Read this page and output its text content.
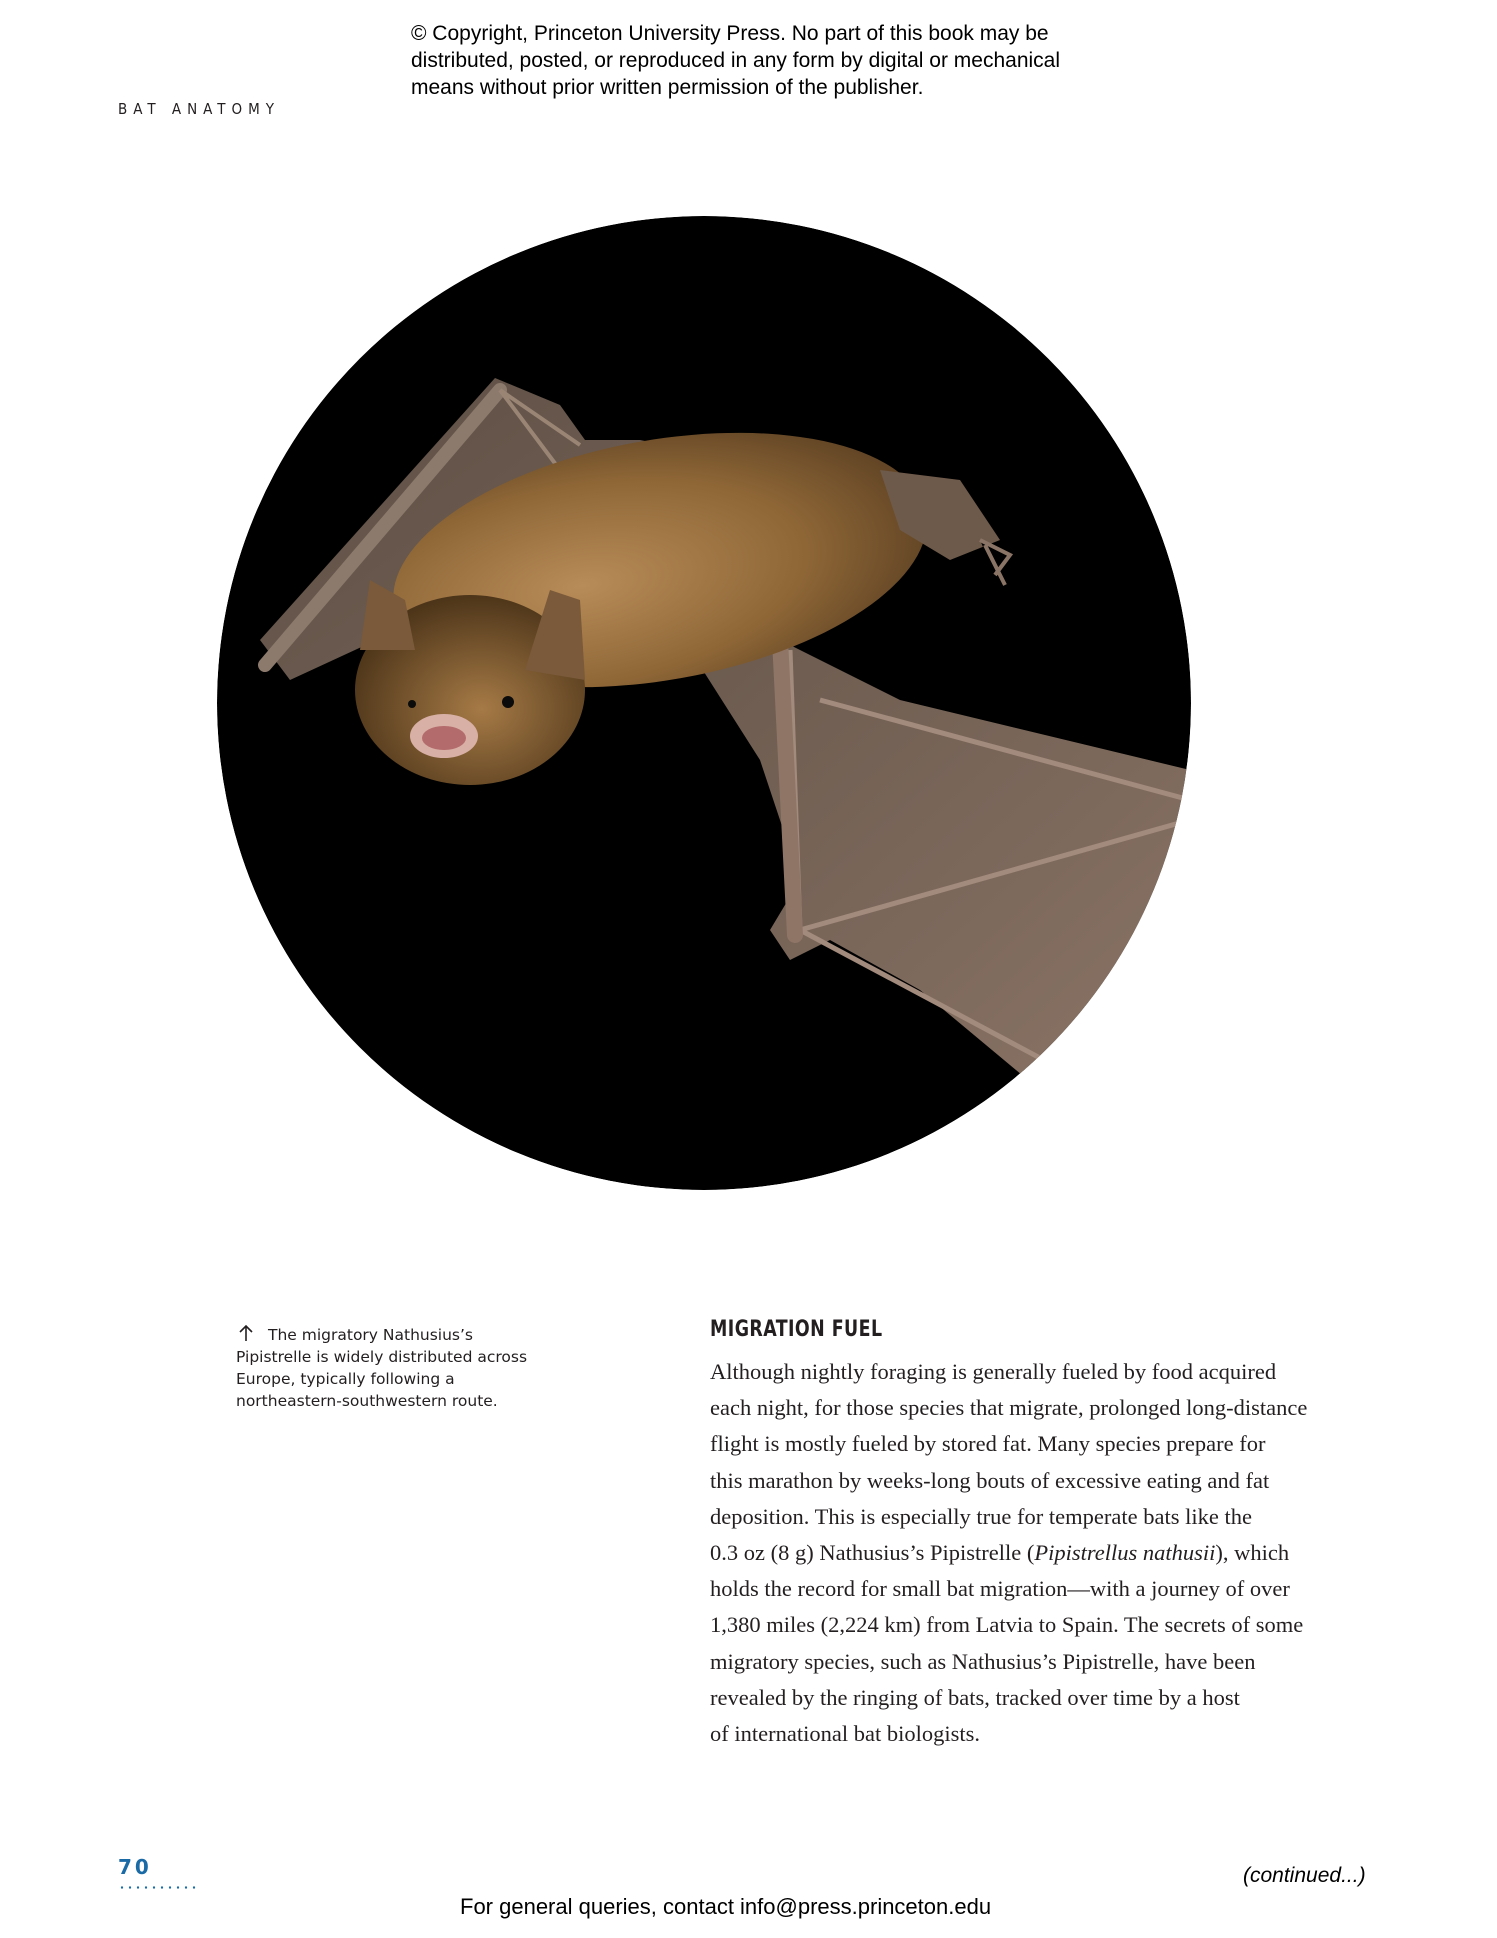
© Copyright, Princeton University Press. No part of this book may be
distributed, posted, or reproduced in any form by digital or mechanical
means without prior written permission of the publisher.
BAT ANATOMY
The migratory Nathusius’s
Pipistrelle is widely distributed across
Europe, typically following a
northeastern-southwestern route.
MIGRATION FUEL
Although nightly foraging is generally fueled by food acquired
each night, for those species that migrate, prolonged long-distance
flight is mostly fueled by stored fat. Many species prepare for
this marathon by weeks-long bouts of excessive eating and fat
deposition. This is especially true for temperate bats like the
0.3 oz (8 g) Nathusius’s Pipistrelle (Pipistrellus nathusii), which
holds the record for small bat migration—with a journey of over
1,380 miles (2,224 km) from Latvia to Spain. The secrets of some
migratory species, such as Nathusius’s Pipistrelle, have been
revealed by the ringing of bats, tracked over time by a host
of international bat biologists.
70	(continued...)
For general queries, contact info@press.princeton.edu
